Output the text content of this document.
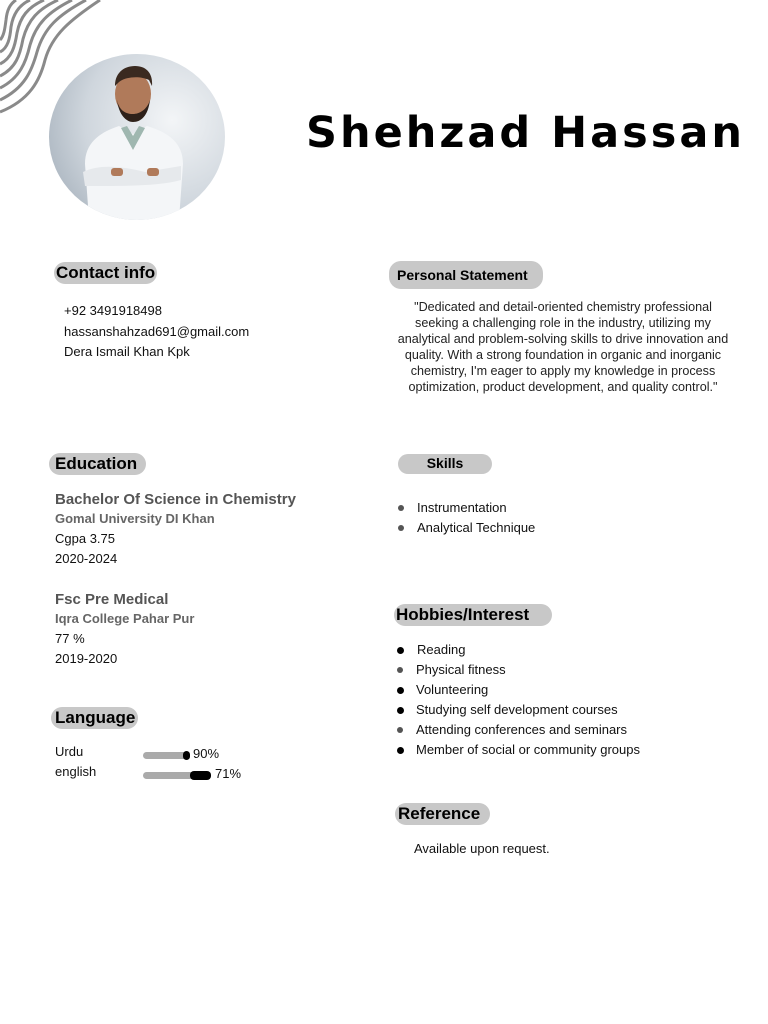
Shehzad Hassan
Contact info
+92 3491918498
hassanshahzad691@gmail.com
Dera Ismail Khan Kpk
Personal Statement
"Dedicated and detail-oriented chemistry professional seeking a challenging role in the industry, utilizing my analytical and problem-solving skills to drive innovation and quality. With a strong foundation in organic and inorganic chemistry, I'm eager to apply my knowledge in process optimization, product development, and quality control."
Education
Bachelor Of Science in Chemistry
Gomal University DI Khan
Cgpa 3.75
2020-2024
Fsc Pre Medical
Iqra College Pahar Pur
77 %
2019-2020
Language
Urdu	90%
english	71%
Skills
Instrumentation
Analytical Technique
Hobbies/Interest
Reading
Physical fitness
Volunteering
Studying self development courses
Attending conferences and seminars
Member of social or community groups
Reference
Available upon request.
